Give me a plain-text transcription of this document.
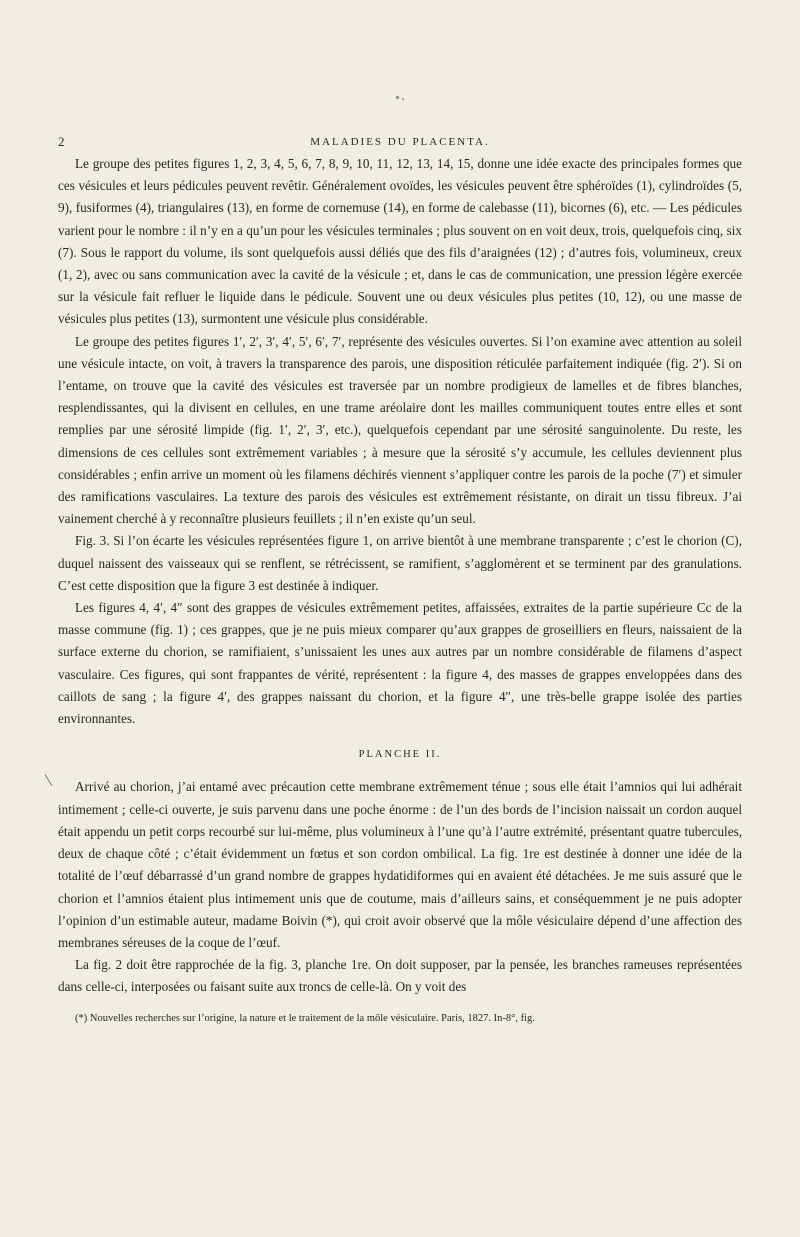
2	MALADIES DU PLACENTA.

Le groupe des petites figures 1, 2, 3, 4, 5, 6, 7, 8, 9, 10, 11, 12, 13, 14, 15, donne une idée exacte des principales formes que ces vésicules et leurs pédicules peuvent revêtir. Généralement ovoïdes, les vésicules peuvent être sphéroïdes (1), cylindroïdes (5, 9), fusiformes (4), triangulaires (13), en forme de cornemuse (14), en forme de calebasse (11), bicornes (6), etc. — Les pédicules varient pour le nombre : il n’y en a qu’un pour les vésicules terminales ; plus souvent on en voit deux, trois, quelquefois cinq, six (7). Sous le rapport du volume, ils sont quelquefois aussi déliés que des fils d’araignées (12) ; d’autres fois, volumineux, creux (1, 2), avec ou sans communication avec la cavité de la vésicule ; et, dans le cas de communication, une pression légère exercée sur la vésicule fait refluer le liquide dans le pédicule. Souvent une ou deux vésicules plus petites (10, 12), ou une masse de vésicules plus petites (13), surmontent une vésicule plus considérable.

Le groupe des petites figures 1′, 2′, 3′, 4′, 5′, 6′, 7′, représente des vésicules ouvertes. Si l’on examine avec attention au soleil une vésicule intacte, on voit, à travers la transparence des parois, une disposition réticulée parfaitement indiquée (fig. 2′). Si on l’entame, on trouve que la cavité des vésicules est traversée par un nombre prodigieux de lamelles et de fibres blanches, resplendissantes, qui la divisent en cellules, en une trame aréolaire dont les mailles communiquent toutes entre elles et sont remplies par une sérosité limpide (fig. 1′, 2′, 3′, etc.), quelquefois cependant par une sérosité sanguinolente. Du reste, les dimensions de ces cellules sont extrêmement variables ; à mesure que la sérosité s’y accumule, les cellules deviennent plus considérables ; enfin arrive un moment où les filamens déchirés viennent s’appliquer contre les parois de la poche (7′) et simuler des ramifications vasculaires. La texture des parois des vésicules est extrêmement résistante, on dirait un tissu fibreux. J’ai vainement cherché à y reconnaître plusieurs feuillets ; il n’en existe qu’un seul.

Fig. 3. Si l’on écarte les vésicules représentées figure 1, on arrive bientôt à une membrane transparente ; c’est le chorion (C), duquel naissent des vaisseaux qui se renflent, se rétrécissent, se ramifient, s’agglomèrent et se terminent par des granulations. C’est cette disposition que la figure 3 est destinée à indiquer.

Les figures 4, 4′, 4″ sont des grappes de vésicules extrêmement petites, affaissées, extraites de la partie supérieure Cc de la masse commune (fig. 1) ; ces grappes, que je ne puis mieux comparer qu’aux grappes de groseilliers en fleurs, naissaient de la surface externe du chorion, se ramifiaient, s’unissaient les unes aux autres par un nombre considérable de filamens d’aspect vasculaire. Ces figures, qui sont frappantes de vérité, représentent : la figure 4, des masses de grappes enveloppées dans des caillots de sang ; la figure 4′, des grappes naissant du chorion, et la figure 4″, une très-belle grappe isolée des parties environnantes.

PLANCHE II.

Arrivé au chorion, j’ai entamé avec précaution cette membrane extrêmement ténue ; sous elle était l’amnios qui lui adhérait intimement ; celle-ci ouverte, je suis parvenu dans une poche énorme : de l’un des bords de l’incision naissait un cordon auquel était appendu un petit corps recourbé sur lui-même, plus volumineux à l’une qu’à l’autre extrémité, présentant quatre tubercules, deux de chaque côté ; c’était évidemment un fœtus et son cordon ombilical. La fig. 1re est destinée à donner une idée de la totalité de l’œuf débarrassé d’un grand nombre de grappes hydatidiformes qui en avaient été détachées. Je me suis assuré que le chorion et l’amnios étaient plus intimement unis que de coutume, mais d’ailleurs sains, et conséquemment je ne puis adopter l’opinion d’un estimable auteur, madame Boivin (*), qui croit avoir observé que la môle vésiculaire dépend d’une affection des membranes séreuses de la coque de l’œuf.

La fig. 2 doit être rapprochée de la fig. 3, planche 1re. On doit supposer, par la pensée, les branches rameuses représentées dans celle-ci, interposées ou faisant suite aux troncs de celle-là. On y voit des

\
(*) Nouvelles recherches sur l’origine, la nature et le traitement de la môle vésiculaire. Paris, 1827. In-8°, fig.
